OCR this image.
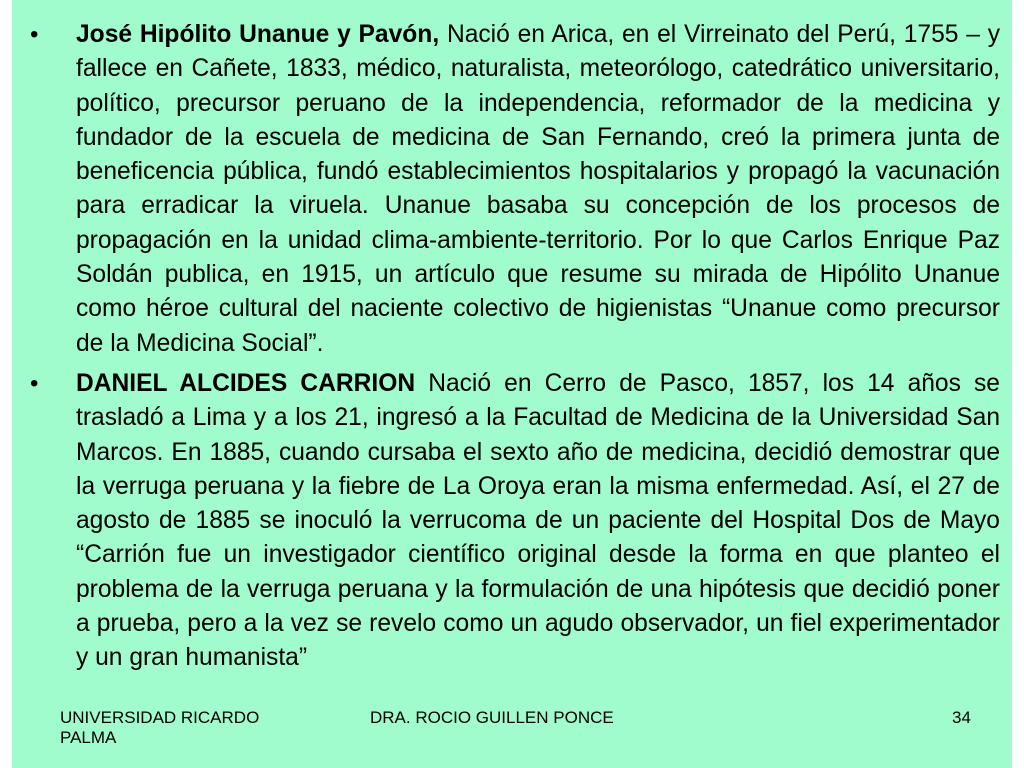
• José Hipólito Unanue y Pavón, Nació en Arica, en el Virreinato del Perú, 1755 – y fallece en Cañete, 1833, médico, naturalista, meteorólogo, catedrático universitario, político, precursor peruano de la independencia, reformador de la medicina y fundador de la escuela de medicina de San Fernando, creó la primera junta de beneficencia pública, fundó establecimientos hospitalarios y propagó la vacunación para erradicar la viruela. Unanue basaba su concepción de los procesos de propagación en la unidad clima-ambiente-territorio. Por lo que Carlos Enrique Paz Soldán publica, en 1915, un artículo que resume su mirada de Hipólito Unanue como héroe cultural del naciente colectivo de higienistas “Unanue como precursor de la Medicina Social”.
• DANIEL ALCIDES CARRION Nació en Cerro de Pasco, 1857, los 14 años se trasladó a Lima y a los 21, ingresó a la Facultad de Medicina de la Universidad San Marcos. En 1885, cuando cursaba el sexto año de medicina, decidió demostrar que la verruga peruana y la fiebre de La Oroya eran la misma enfermedad. Así, el 27 de agosto de 1885 se inoculó la verrucoma de un paciente del Hospital Dos de Mayo “Carrión fue un investigador científico original desde la forma en que planteo el problema de la verruga peruana y la formulación de una hipótesis que decidió poner a prueba, pero a la vez se revelo como un agudo observador, un fiel experimentador y un gran humanista”
UNIVERSIDAD RICARDO PALMA
DRA. ROCIO GUILLEN PONCE	34
